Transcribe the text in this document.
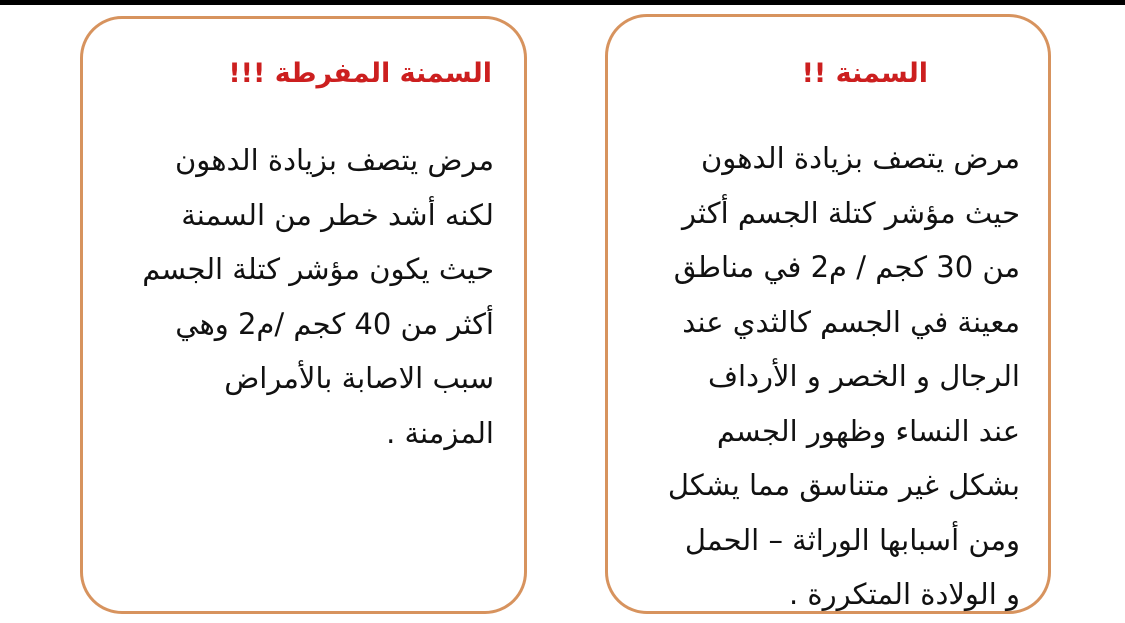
السمنة !!
مرض يتصف بزيادة الدهون
حيث مؤشر كتلة الجسم أكثر
من 30 كجم / م2 في مناطق
معينة في الجسم كالثدي عند
الرجال و الخصر و الأرداف
عند النساء وظهور الجسم
بشكل غير متناسق مما يشكل
ومن أسبابها الوراثة – الحمل
و الولادة المتكررة .
السمنة المفرطة !!!
مرض يتصف بزيادة الدهون
لكنه أشد خطر من السمنة
حيث يكون مؤشر كتلة الجسم
أكثر من 40 كجم /م2 وهي
سبب الاصابة بالأمراض
المزمنة .
